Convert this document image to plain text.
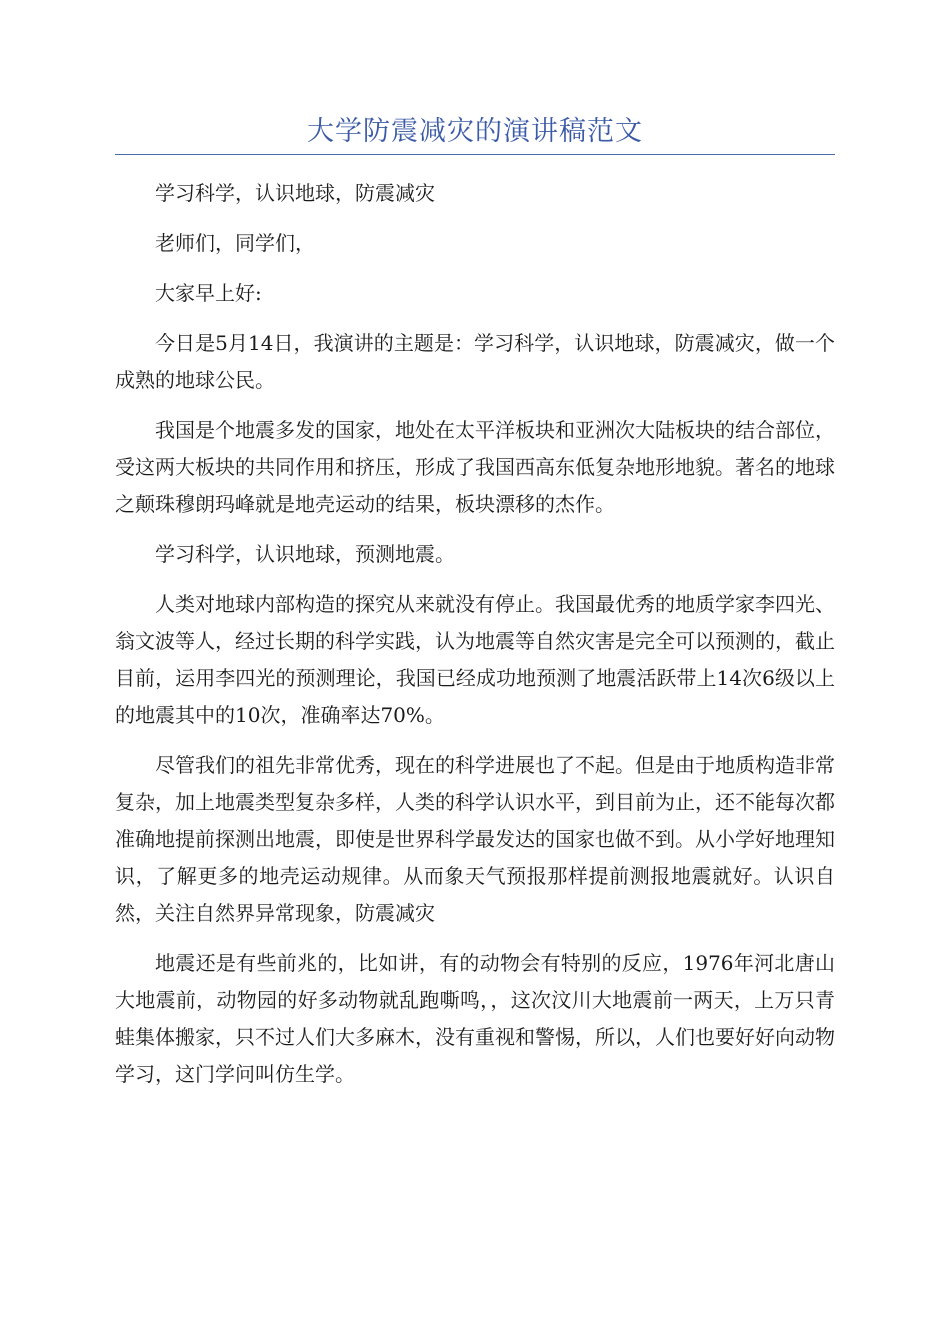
大学防震减灾的演讲稿范文

学习科学，认识地球，防震减灾

老师们，同学们，

大家早上好:

今日是5月14日，我演讲的主题是：学习科学，认识地球，防震减灾，做一个成熟的地球公民。

我国是个地震多发的国家，地处在太平洋板块和亚洲次大陆板块的结合部位，受这两大板块的共同作用和挤压，形成了我国西高东低复杂地形地貌。著名的地球之颠珠穆朗玛峰就是地壳运动的结果，板块漂移的杰作。

学习科学，认识地球，预测地震。

人类对地球内部构造的探究从来就没有停止。我国最优秀的地质学家李四光、翁文波等人，经过长期的科学实践，认为地震等自然灾害是完全可以预测的，截止目前，运用李四光的预测理论，我国已经成功地预测了地震活跃带上14次6级以上的地震其中的10次，准确率达70%。

尽管我们的祖先非常优秀，现在的科学进展也了不起。但是由于地质构造非常复杂，加上地震类型复杂多样，人类的科学认识水平，到目前为止，还不能每次都准确地提前探测出地震，即使是世界科学最发达的国家也做不到。从小学好地理知识，了解更多的地壳运动规律。从而象天气预报那样提前测报地震就好。认识自然，关注自然界异常现象，防震减灾

地震还是有些前兆的，比如讲，有的动物会有特别的反应，1976年河北唐山大地震前，动物园的好多动物就乱跑嘶鸣，，这次汶川大地震前一两天，上万只青蛙集体搬家，只不过人们大多麻木，没有重视和警惕，所以，人们也要好好向动物学习，这门学问叫仿生学。
